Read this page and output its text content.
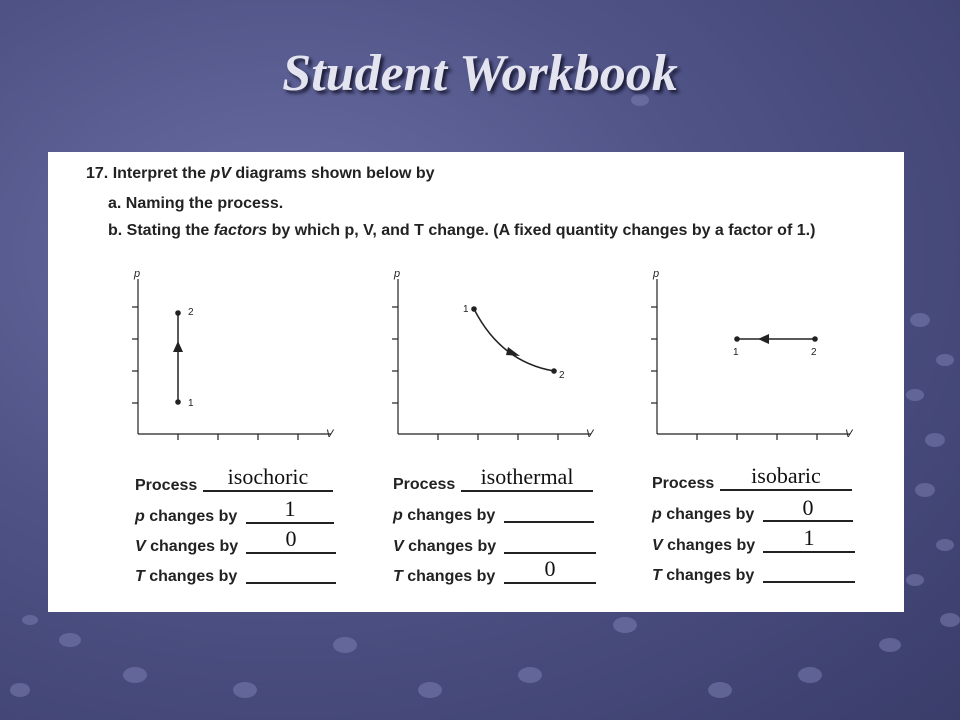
Student Workbook
17. Interpret the pV diagrams shown below by
a. Naming the process.
b. Stating the factors by which p, V, and T change. (A fixed quantity changes by a factor of 1.)
p
V
1
2
p
V
1
2
p
V
1	2
Process	isochoric
p changes by	1
V changes by	0
T changes by
Process	isothermal
p changes by
V changes by
T changes by	0
Process	isobaric
p changes by	0
V changes by	1
T changes by
